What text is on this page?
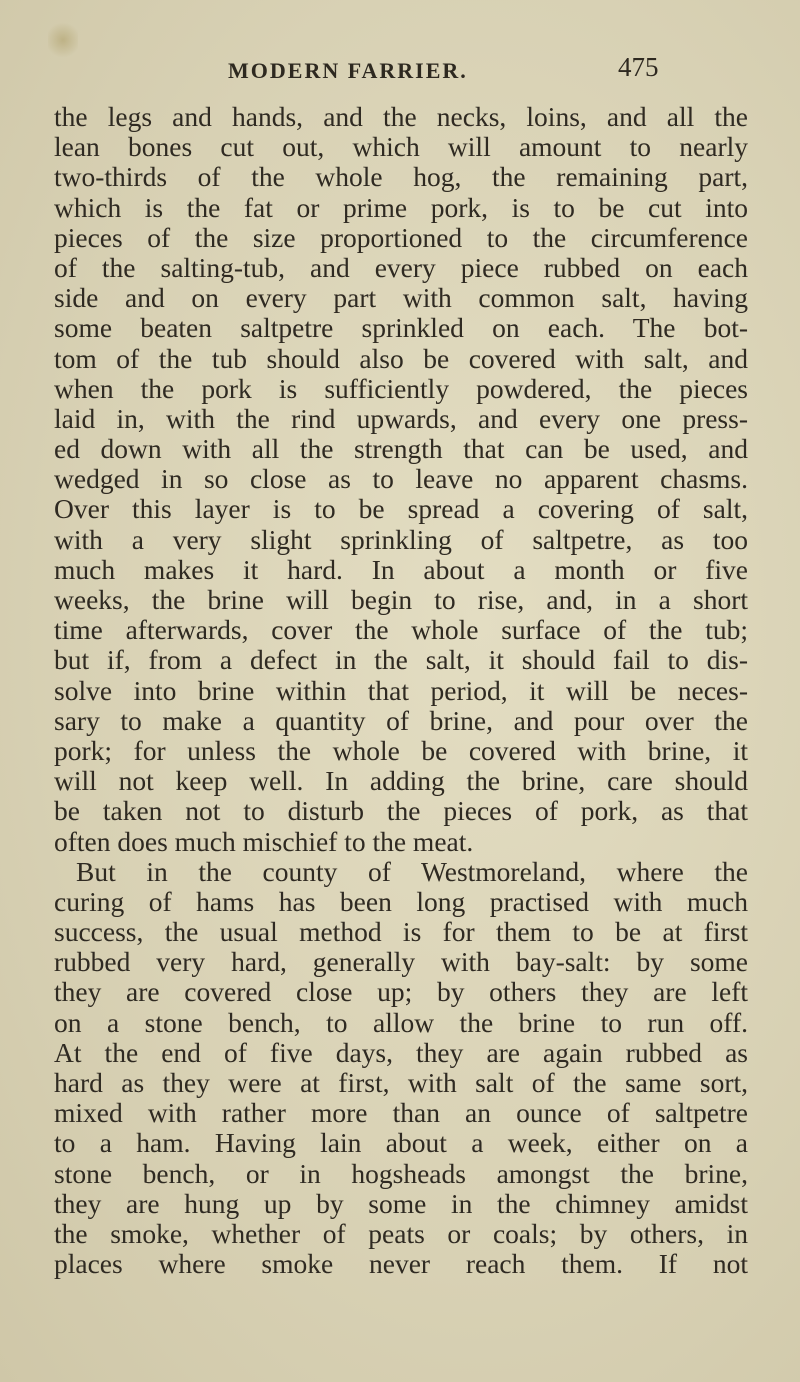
MODERN FARRIER.	475
the legs and hands, and the necks, loins, and all the
lean bones cut out, which will amount to nearly
two-thirds of the whole hog, the remaining part,
which is the fat or prime pork, is to be cut into
pieces of the size proportioned to the circumference
of the salting-tub, and every piece rubbed on each
side and on every part with common salt, having
some beaten saltpetre sprinkled on each. The bot-
tom of the tub should also be covered with salt, and
when the pork is sufficiently powdered, the pieces
laid in, with the rind upwards, and every one press-
ed down with all the strength that can be used, and
wedged in so close as to leave no apparent chasms.
Over this layer is to be spread a covering of salt,
with a very slight sprinkling of saltpetre, as too
much makes it hard. In about a month or five
weeks, the brine will begin to rise, and, in a short
time afterwards, cover the whole surface of the tub;
but if, from a defect in the salt, it should fail to dis-
solve into brine within that period, it will be neces-
sary to make a quantity of brine, and pour over the
pork; for unless the whole be covered with brine, it
will not keep well. In adding the brine, care should
be taken not to disturb the pieces of pork, as that
often does much mischief to the meat.
But in the county of Westmoreland, where the
curing of hams has been long practised with much
success, the usual method is for them to be at first
rubbed very hard, generally with bay-salt: by some
they are covered close up; by others they are left
on a stone bench, to allow the brine to run off.
At the end of five days, they are again rubbed as
hard as they were at first, with salt of the same sort,
mixed with rather more than an ounce of saltpetre
to a ham. Having lain about a week, either on a
stone bench, or in hogsheads amongst the brine,
they are hung up by some in the chimney amidst
the smoke, whether of peats or coals; by others, in
places where smoke never reach them. If not
